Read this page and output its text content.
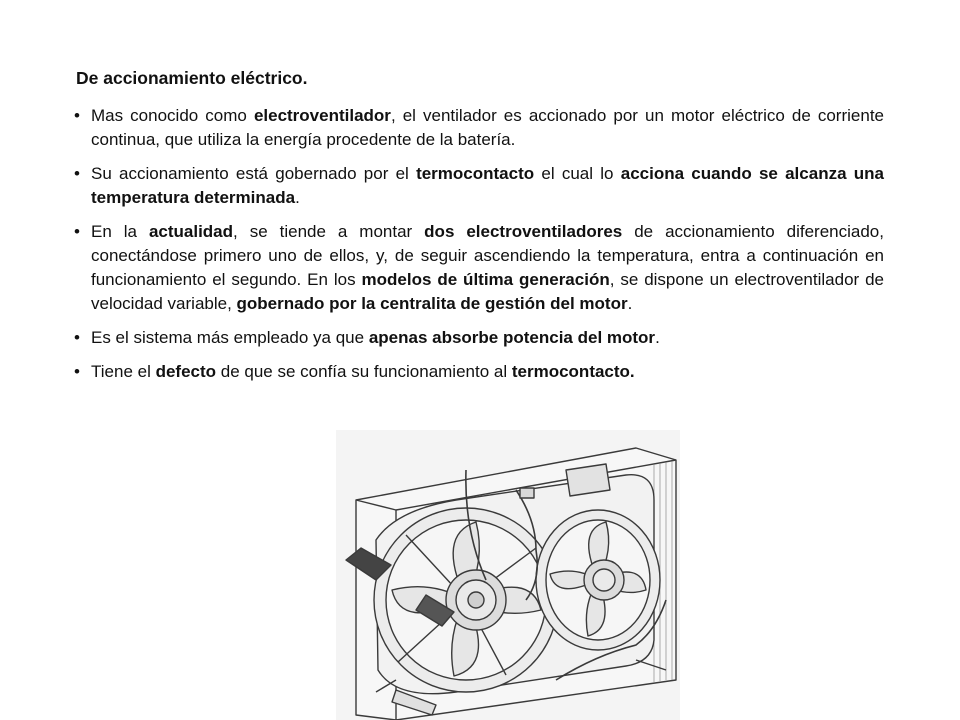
De accionamiento eléctrico.
• Mas conocido como electroventilador, el ventilador es accionado por un motor eléctrico de corriente continua, que utiliza la energía procedente de la batería.
• Su accionamiento está gobernado por el termocontacto el cual lo acciona cuando se alcanza una temperatura determinada.
• En la actualidad, se tiende a montar dos electroventiladores de accionamiento diferenciado, conectándose primero uno de ellos, y, de seguir ascendiendo la temperatura, entra a continuación en funcionamiento el segundo. En los modelos de última generación, se dispone un electroventilador de velocidad variable, gobernado por la centralita de gestión del motor.
• Es el sistema más empleado ya que apenas absorbe potencia del motor.
• Tiene el defecto de que se confía su funcionamiento al termocontacto.
